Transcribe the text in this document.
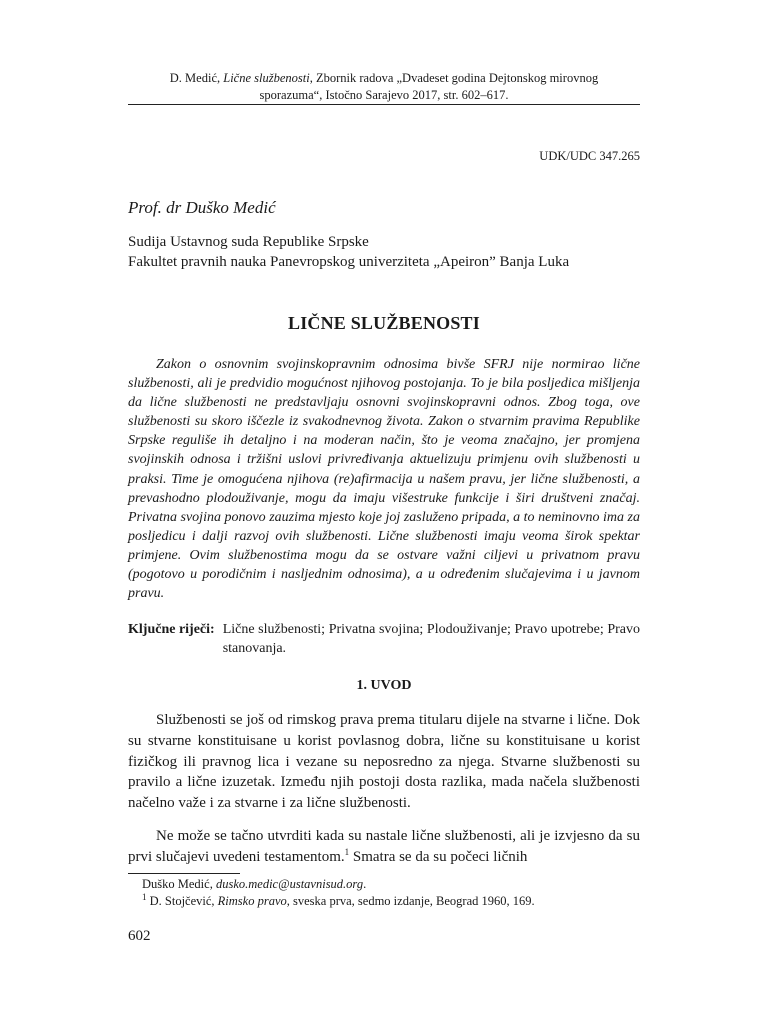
D. Medić, Lične službenosti, Zbornik radova „Dvadeset godina Dejtonskog mirovnog
sporazuma“, Istočno Sarajevo 2017, str. 602–617.
UDK/UDC 347.265
Prof. dr Duško Medić
Sudija Ustavnog suda Republike Srpske
Fakultet pravnih nauka Panevropskog univerziteta „Apeiron” Banja Luka
LIČNE SLUŽBENOSTI

Zakon o osnovnim svojinskopravnim odnosima bivše SFRJ nije normirao lične službenosti, ali je predvidio mogućnost njihovog postojanja. To je bila posljedica mišljenja da lične službenosti ne predstavljaju osnovni svojinskopravni odnos. Zbog toga, ove službenosti su skoro iščezle iz svakodnevnog života. Zakon o stvarnim pravima Republike Srpske reguliše ih detaljno i na moderan način, što je veoma značajno, jer promjena svojinskih odnosa i tržišni uslovi privređivanja aktuelizuju primjenu ovih službenosti u praksi. Time je omogućena njihova (re)afirmacija u našem pravu, jer lične službenosti, a prevashodno plodouživanje, mogu da imaju višestruke funkcije i širi društveni značaj. Privatna svojina ponovo zauzima mjesto koje joj zasluženo pripada, a to neminovno ima za posljedicu i dalji razvoj ovih službenosti. Lične službenosti imaju veoma širok spektar primjene. Ovim službenostima mogu da se ostvare važni ciljevi u privatnom pravu (pogotovo u porodičnim i nasljednim odnosima), a u određenim slučajevima i u javnom pravu.

Ključne riječi: Lične službenosti; Privatna svojina; Plodouživanje; Pravo upotrebe; Pravo stanovanja.
1. UVOD

Službenosti se još od rimskog prava prema titularu dijele na stvarne i lične. Dok su stvarne konstituisane u korist povlasnog dobra, lične su konstituisane u korist fizičkog ili pravnog lica i vezane su neposredno za njega. Stvarne službenosti su pravilo a lične izuzetak. Između njih postoji dosta razlika, mada načela službenosti načelno važe i za stvarne i za lične službenosti.

Ne može se tačno utvrditi kada su nastale lične službenosti, ali je izvjesno da su prvi slučajevi uvedeni testamentom.$^1$ Smatra se da su počeci ličnih

Duško Medić, dusko.medic@ustavnisud.org.
$^1$ D. Stojčević, Rimsko pravo, sveska prva, sedmo izdanje, Beograd 1960, 169.
602
